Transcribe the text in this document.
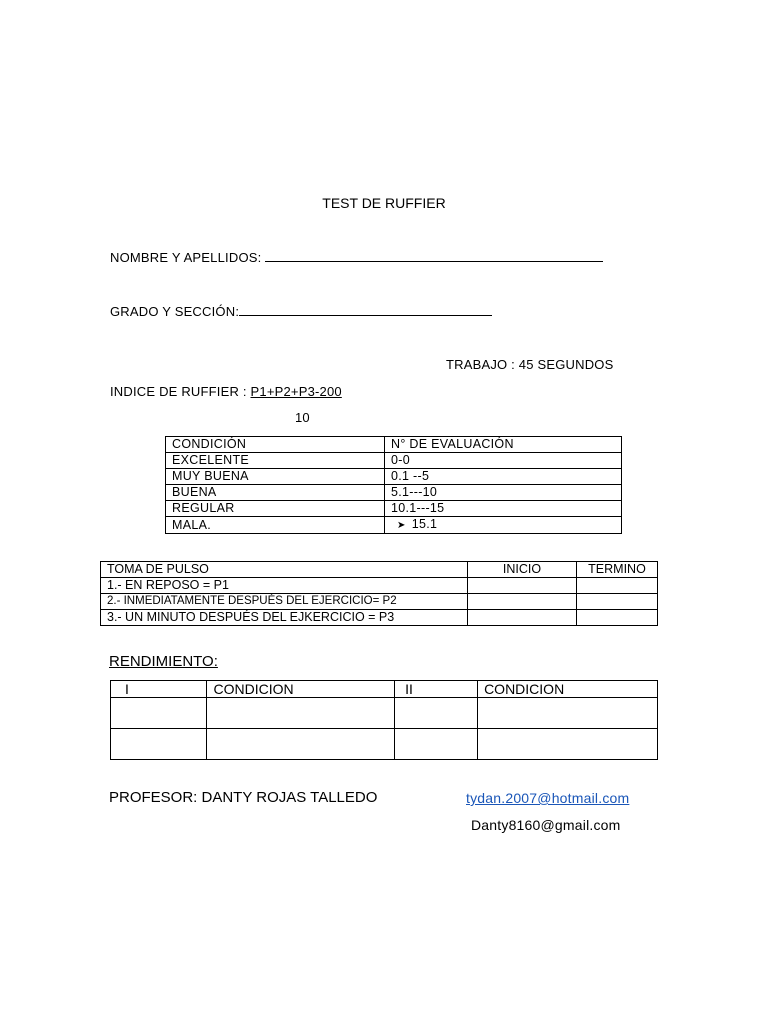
TEST DE RUFFIER
NOMBRE Y APELLIDOS:
GRADO Y SECCIÓN:
TRABAJO : 45 SEGUNDOS
INDICE DE RUFFIER : P1+P2+P3-200
10
CONDICIÓN	N° DE EVALUACIÓN
EXCELENTE	0-0
MUY BUENA	0.1 --5
BUENA	5.1---10
REGULAR	10.1---15
MALA.	➤ 15.1
TOMA DE PULSO	INICIO	TERMINO
1.- EN REPOSO = P1		
2.- INMEDIATAMENTE DESPUÉS DEL EJERCICIO= P2		
3.- UN MINUTO DESPUÉS DEL EJKERCICIO = P3		
RENDIMIENTO:
I	CONDICION	II	CONDICION

PROFESOR: DANTY ROJAS TALLEDO	tydan.2007@hotmail.com
Danty8160@gmail.com
